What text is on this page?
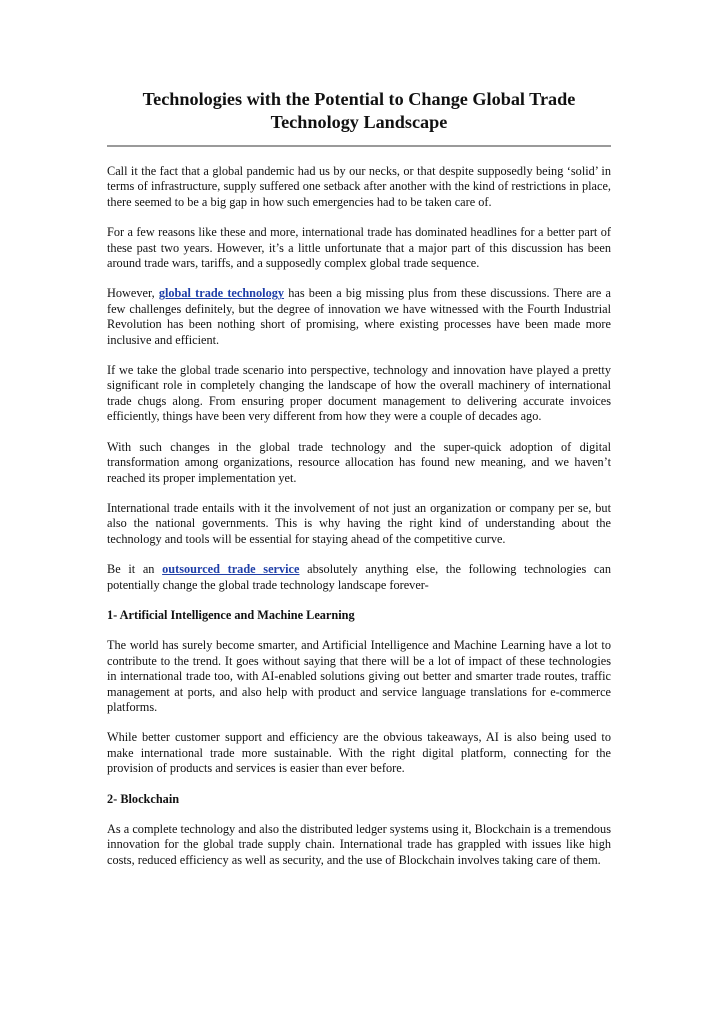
Technologies with the Potential to Change Global Trade Technology Landscape

Call it the fact that a global pandemic had us by our necks, or that despite supposedly being ‘solid’ in terms of infrastructure, supply suffered one setback after another with the kind of restrictions in place, there seemed to be a big gap in how such emergencies had to be taken care of.

For a few reasons like these and more, international trade has dominated headlines for a better part of these past two years. However, it’s a little unfortunate that a major part of this discussion has been around trade wars, tariffs, and a supposedly complex global trade sequence.

However, global trade technology has been a big missing plus from these discussions. There are a few challenges definitely, but the degree of innovation we have witnessed with the Fourth Industrial Revolution has been nothing short of promising, where existing processes have been made more inclusive and efficient.

If we take the global trade scenario into perspective, technology and innovation have played a pretty significant role in completely changing the landscape of how the overall machinery of international trade chugs along. From ensuring proper document management to delivering accurate invoices efficiently, things have been very different from how they were a couple of decades ago.

With such changes in the global trade technology and the super-quick adoption of digital transformation among organizations, resource allocation has found new meaning, and we haven’t reached its proper implementation yet.

International trade entails with it the involvement of not just an organization or company per se, but also the national governments. This is why having the right kind of understanding about the technology and tools will be essential for staying ahead of the competitive curve.

Be it an outsourced trade service absolutely anything else, the following technologies can potentially change the global trade technology landscape forever-

1- Artificial Intelligence and Machine Learning

The world has surely become smarter, and Artificial Intelligence and Machine Learning have a lot to contribute to the trend. It goes without saying that there will be a lot of impact of these technologies in international trade too, with AI-enabled solutions giving out better and smarter trade routes, traffic management at ports, and also help with product and service language translations for e-commerce platforms.

While better customer support and efficiency are the obvious takeaways, AI is also being used to make international trade more sustainable. With the right digital platform, connecting for the provision of products and services is easier than ever before.

2- Blockchain

As a complete technology and also the distributed ledger systems using it, Blockchain is a tremendous innovation for the global trade supply chain. International trade has grappled with issues like high costs, reduced efficiency as well as security, and the use of Blockchain involves taking care of them.
